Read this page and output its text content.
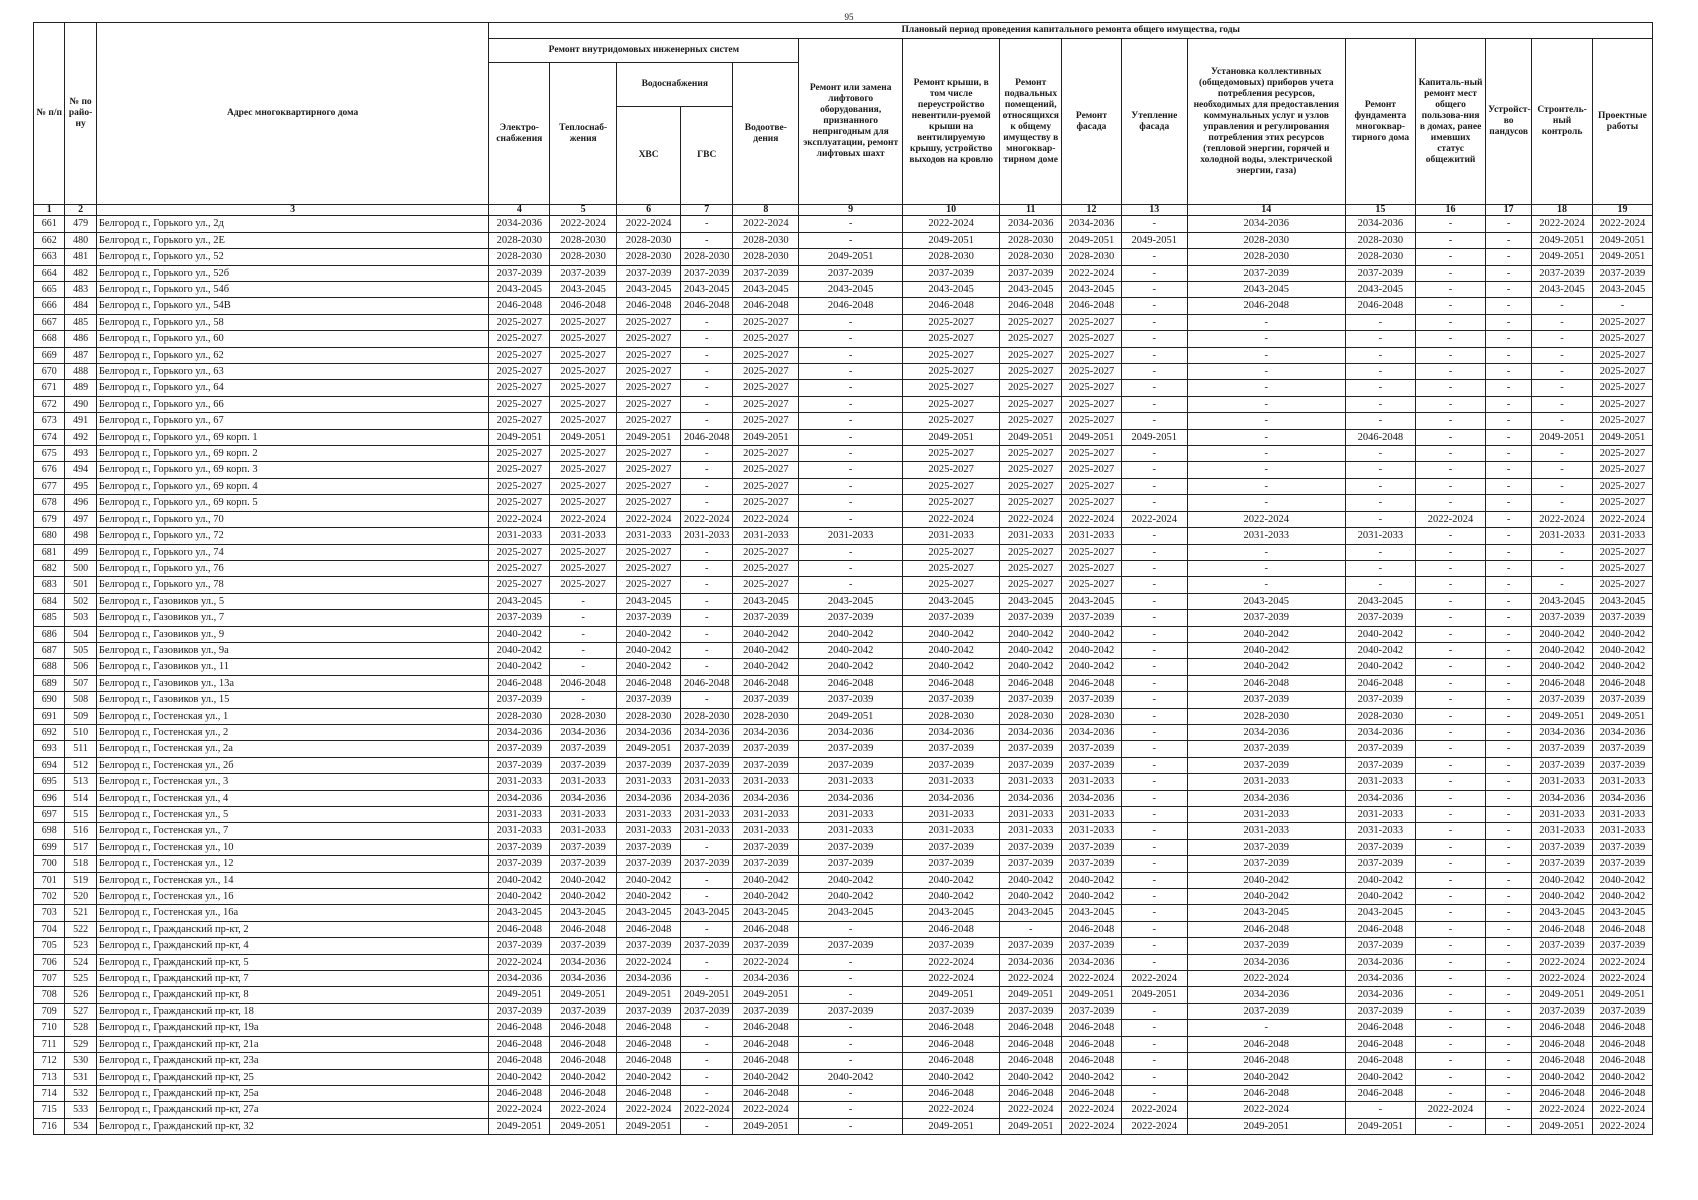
95
№ п/п	№ по райо-ну	Адрес многоквартирного дома	Плановый период проведения капитального ремонта общего имущества, годы															
			Ремонт внутридомовых инженерных систем					Ремонт или замена лифтового оборудования, признанного непригодным для эксплуатации, ремонт лифтовых шахт	Ремонт крыши, в том числе переустройство невентили-руемой крыши на вентилируемую крышу, устройство выходов на кровлю	Ремонт подвальных помещений, относящихся к общему имуществу в многоквар-тирном доме	Ремонт фасада	Утепление фасада	Установка коллективных (общедомовых) приборов учета потребления ресурсов, необходимых для предоставления коммунальных услуг и узлов управления и регулирования потребления этих ресурсов (тепловой энергии, горячей и холодной воды, электрической энергии, газа)	Ремонт фундамента многоквар-тирного дома	Капиталь-ный ремонт мест общего пользова-ния в домах, ранее имевших статус общежитий	Устройст-во пандусов	Строитель-ный контроль	Проектные работы
			Электро-снабжения	Теплоснаб-жения	Водоснабжения		Водоотве-дения											
					ХВС	ГВС												
1	2	3	4	5	6	7	8	9	10	11	12	13	14	15	16	17	18	19
661	479	Белгород г., Горького ул., 2д	2034-2036	2022-2024	2022-2024	-	2022-2024	-	2022-2024	2034-2036	2034-2036	-	2034-2036	2034-2036	-	-	2022-2024	2022-2024
662	480	Белгород г., Горького ул., 2Е	2028-2030	2028-2030	2028-2030	-	2028-2030	-	2049-2051	2028-2030	2049-2051	2049-2051	2028-2030	2028-2030	-	-	2049-2051	2049-2051
663	481	Белгород г., Горького ул., 52	2028-2030	2028-2030	2028-2030	2028-2030	2028-2030	2049-2051	2028-2030	2028-2030	2028-2030	-	2028-2030	2028-2030	-	-	2049-2051	2049-2051
664	482	Белгород г., Горького ул., 52б	2037-2039	2037-2039	2037-2039	2037-2039	2037-2039	2037-2039	2037-2039	2037-2039	2022-2024	-	2037-2039	2037-2039	-	-	2037-2039	2037-2039
665	483	Белгород г., Горького ул., 54б	2043-2045	2043-2045	2043-2045	2043-2045	2043-2045	2043-2045	2043-2045	2043-2045	2043-2045	-	2043-2045	2043-2045	-	-	2043-2045	2043-2045
666	484	Белгород г., Горького ул., 54В	2046-2048	2046-2048	2046-2048	2046-2048	2046-2048	2046-2048	2046-2048	2046-2048	2046-2048	-	2046-2048	2046-2048	-	-	-	-
667	485	Белгород г., Горького ул., 58	2025-2027	2025-2027	2025-2027	-	2025-2027	-	2025-2027	2025-2027	2025-2027	-	-	-	-	-	-	2025-2027
668	486	Белгород г., Горького ул., 60	2025-2027	2025-2027	2025-2027	-	2025-2027	-	2025-2027	2025-2027	2025-2027	-	-	-	-	-	-	2025-2027
669	487	Белгород г., Горького ул., 62	2025-2027	2025-2027	2025-2027	-	2025-2027	-	2025-2027	2025-2027	2025-2027	-	-	-	-	-	-	2025-2027
670	488	Белгород г., Горького ул., 63	2025-2027	2025-2027	2025-2027	-	2025-2027	-	2025-2027	2025-2027	2025-2027	-	-	-	-	-	-	2025-2027
671	489	Белгород г., Горького ул., 64	2025-2027	2025-2027	2025-2027	-	2025-2027	-	2025-2027	2025-2027	2025-2027	-	-	-	-	-	-	2025-2027
672	490	Белгород г., Горького ул., 66	2025-2027	2025-2027	2025-2027	-	2025-2027	-	2025-2027	2025-2027	2025-2027	-	-	-	-	-	-	2025-2027
673	491	Белгород г., Горького ул., 67	2025-2027	2025-2027	2025-2027	-	2025-2027	-	2025-2027	2025-2027	2025-2027	-	-	-	-	-	-	2025-2027
674	492	Белгород г., Горького ул., 69 корп. 1	2049-2051	2049-2051	2049-2051	2046-2048	2049-2051	-	2049-2051	2049-2051	2049-2051	2049-2051	-	2046-2048	-	-	2049-2051	2049-2051
675	493	Белгород г., Горького ул., 69 корп. 2	2025-2027	2025-2027	2025-2027	-	2025-2027	-	2025-2027	2025-2027	2025-2027	-	-	-	-	-	-	2025-2027
676	494	Белгород г., Горького ул., 69 корп. 3	2025-2027	2025-2027	2025-2027	-	2025-2027	-	2025-2027	2025-2027	2025-2027	-	-	-	-	-	-	2025-2027
677	495	Белгород г., Горького ул., 69 корп. 4	2025-2027	2025-2027	2025-2027	-	2025-2027	-	2025-2027	2025-2027	2025-2027	-	-	-	-	-	-	2025-2027
678	496	Белгород г., Горького ул., 69 корп. 5	2025-2027	2025-2027	2025-2027	-	2025-2027	-	2025-2027	2025-2027	2025-2027	-	-	-	-	-	-	2025-2027
679	497	Белгород г., Горького ул., 70	2022-2024	2022-2024	2022-2024	2022-2024	2022-2024	-	2022-2024	2022-2024	2022-2024	2022-2024	2022-2024	-	2022-2024	-	2022-2024	2022-2024
680	498	Белгород г., Горького ул., 72	2031-2033	2031-2033	2031-2033	2031-2033	2031-2033	2031-2033	2031-2033	2031-2033	2031-2033	-	2031-2033	2031-2033	-	-	2031-2033	2031-2033
681	499	Белгород г., Горького ул., 74	2025-2027	2025-2027	2025-2027	-	2025-2027	-	2025-2027	2025-2027	2025-2027	-	-	-	-	-	-	2025-2027
682	500	Белгород г., Горького ул., 76	2025-2027	2025-2027	2025-2027	-	2025-2027	-	2025-2027	2025-2027	2025-2027	-	-	-	-	-	-	2025-2027
683	501	Белгород г., Горького ул., 78	2025-2027	2025-2027	2025-2027	-	2025-2027	-	2025-2027	2025-2027	2025-2027	-	-	-	-	-	-	2025-2027
684	502	Белгород г., Газовиков ул., 5	2043-2045	-	2043-2045	-	2043-2045	2043-2045	2043-2045	2043-2045	2043-2045	-	2043-2045	2043-2045	-	-	2043-2045	2043-2045
685	503	Белгород г., Газовиков ул., 7	2037-2039	-	2037-2039	-	2037-2039	2037-2039	2037-2039	2037-2039	2037-2039	-	2037-2039	2037-2039	-	-	2037-2039	2037-2039
686	504	Белгород г., Газовиков ул., 9	2040-2042	-	2040-2042	-	2040-2042	2040-2042	2040-2042	2040-2042	2040-2042	-	2040-2042	2040-2042	-	-	2040-2042	2040-2042
687	505	Белгород г., Газовиков ул., 9а	2040-2042	-	2040-2042	-	2040-2042	2040-2042	2040-2042	2040-2042	2040-2042	-	2040-2042	2040-2042	-	-	2040-2042	2040-2042
688	506	Белгород г., Газовиков ул., 11	2040-2042	-	2040-2042	-	2040-2042	2040-2042	2040-2042	2040-2042	2040-2042	-	2040-2042	2040-2042	-	-	2040-2042	2040-2042
689	507	Белгород г., Газовиков ул., 13а	2046-2048	2046-2048	2046-2048	2046-2048	2046-2048	2046-2048	2046-2048	2046-2048	2046-2048	-	2046-2048	2046-2048	-	-	2046-2048	2046-2048
690	508	Белгород г., Газовиков ул., 15	2037-2039	-	2037-2039	-	2037-2039	2037-2039	2037-2039	2037-2039	2037-2039	-	2037-2039	2037-2039	-	-	2037-2039	2037-2039
691	509	Белгород г., Гостенская ул., 1	2028-2030	2028-2030	2028-2030	2028-2030	2028-2030	2049-2051	2028-2030	2028-2030	2028-2030	-	2028-2030	2028-2030	-	-	2049-2051	2049-2051
692	510	Белгород г., Гостенская ул., 2	2034-2036	2034-2036	2034-2036	2034-2036	2034-2036	2034-2036	2034-2036	2034-2036	2034-2036	-	2034-2036	2034-2036	-	-	2034-2036	2034-2036
693	511	Белгород г., Гостенская ул., 2а	2037-2039	2037-2039	2049-2051	2037-2039	2037-2039	2037-2039	2037-2039	2037-2039	2037-2039	-	2037-2039	2037-2039	-	-	2037-2039	2037-2039
694	512	Белгород г., Гостенская ул., 2б	2037-2039	2037-2039	2037-2039	2037-2039	2037-2039	2037-2039	2037-2039	2037-2039	2037-2039	-	2037-2039	2037-2039	-	-	2037-2039	2037-2039
695	513	Белгород г., Гостенская ул., 3	2031-2033	2031-2033	2031-2033	2031-2033	2031-2033	2031-2033	2031-2033	2031-2033	2031-2033	-	2031-2033	2031-2033	-	-	2031-2033	2031-2033
696	514	Белгород г., Гостенская ул., 4	2034-2036	2034-2036	2034-2036	2034-2036	2034-2036	2034-2036	2034-2036	2034-2036	2034-2036	-	2034-2036	2034-2036	-	-	2034-2036	2034-2036
697	515	Белгород г., Гостенская ул., 5	2031-2033	2031-2033	2031-2033	2031-2033	2031-2033	2031-2033	2031-2033	2031-2033	2031-2033	-	2031-2033	2031-2033	-	-	2031-2033	2031-2033
698	516	Белгород г., Гостенская ул., 7	2031-2033	2031-2033	2031-2033	2031-2033	2031-2033	2031-2033	2031-2033	2031-2033	2031-2033	-	2031-2033	2031-2033	-	-	2031-2033	2031-2033
699	517	Белгород г., Гостенская ул., 10	2037-2039	2037-2039	2037-2039	-	2037-2039	2037-2039	2037-2039	2037-2039	2037-2039	-	2037-2039	2037-2039	-	-	2037-2039	2037-2039
700	518	Белгород г., Гостенская ул., 12	2037-2039	2037-2039	2037-2039	2037-2039	2037-2039	2037-2039	2037-2039	2037-2039	2037-2039	-	2037-2039	2037-2039	-	-	2037-2039	2037-2039
701	519	Белгород г., Гостенская ул., 14	2040-2042	2040-2042	2040-2042	-	2040-2042	2040-2042	2040-2042	2040-2042	2040-2042	-	2040-2042	2040-2042	-	-	2040-2042	2040-2042
702	520	Белгород г., Гостенская ул., 16	2040-2042	2040-2042	2040-2042	-	2040-2042	2040-2042	2040-2042	2040-2042	2040-2042	-	2040-2042	2040-2042	-	-	2040-2042	2040-2042
703	521	Белгород г., Гостенская ул., 16а	2043-2045	2043-2045	2043-2045	2043-2045	2043-2045	2043-2045	2043-2045	2043-2045	2043-2045	-	2043-2045	2043-2045	-	-	2043-2045	2043-2045
704	522	Белгород г., Гражданский пр-кт, 2	2046-2048	2046-2048	2046-2048	-	2046-2048	-	2046-2048	-	2046-2048	-	2046-2048	2046-2048	-	-	2046-2048	2046-2048
705	523	Белгород г., Гражданский пр-кт, 4	2037-2039	2037-2039	2037-2039	2037-2039	2037-2039	2037-2039	2037-2039	2037-2039	2037-2039	-	2037-2039	2037-2039	-	-	2037-2039	2037-2039
706	524	Белгород г., Гражданский пр-кт, 5	2022-2024	2034-2036	2022-2024	-	2022-2024	-	2022-2024	2034-2036	2034-2036	-	2034-2036	2034-2036	-	-	2022-2024	2022-2024
707	525	Белгород г., Гражданский пр-кт, 7	2034-2036	2034-2036	2034-2036	-	2034-2036	-	2022-2024	2022-2024	2022-2024	2022-2024	2022-2024	2034-2036	-	-	2022-2024	2022-2024
708	526	Белгород г., Гражданский пр-кт, 8	2049-2051	2049-2051	2049-2051	2049-2051	2049-2051	-	2049-2051	2049-2051	2049-2051	2049-2051	2034-2036	2034-2036	-	-	2049-2051	2049-2051
709	527	Белгород г., Гражданский пр-кт, 18	2037-2039	2037-2039	2037-2039	2037-2039	2037-2039	2037-2039	2037-2039	2037-2039	2037-2039	-	2037-2039	2037-2039	-	-	2037-2039	2037-2039
710	528	Белгород г., Гражданский пр-кт, 19а	2046-2048	2046-2048	2046-2048	-	2046-2048	-	2046-2048	2046-2048	2046-2048	-	-	2046-2048	-	-	2046-2048	2046-2048
711	529	Белгород г., Гражданский пр-кт, 21а	2046-2048	2046-2048	2046-2048	-	2046-2048	-	2046-2048	2046-2048	2046-2048	-	2046-2048	2046-2048	-	-	2046-2048	2046-2048
712	530	Белгород г., Гражданский пр-кт, 23а	2046-2048	2046-2048	2046-2048	-	2046-2048	-	2046-2048	2046-2048	2046-2048	-	2046-2048	2046-2048	-	-	2046-2048	2046-2048
713	531	Белгород г., Гражданский пр-кт, 25	2040-2042	2040-2042	2040-2042	-	2040-2042	2040-2042	2040-2042	2040-2042	2040-2042	-	2040-2042	2040-2042	-	-	2040-2042	2040-2042
714	532	Белгород г., Гражданский пр-кт, 25а	2046-2048	2046-2048	2046-2048	-	2046-2048	-	2046-2048	2046-2048	2046-2048	-	2046-2048	2046-2048	-	-	2046-2048	2046-2048
715	533	Белгород г., Гражданский пр-кт, 27а	2022-2024	2022-2024	2022-2024	2022-2024	2022-2024	-	2022-2024	2022-2024	2022-2024	2022-2024	2022-2024	-	2022-2024	-	2022-2024	2022-2024
716	534	Белгород г., Гражданский пр-кт, 32	2049-2051	2049-2051	2049-2051	-	2049-2051	-	2049-2051	2049-2051	2022-2024	2022-2024	2049-2051	2049-2051	-	-	2049-2051	2022-2024
